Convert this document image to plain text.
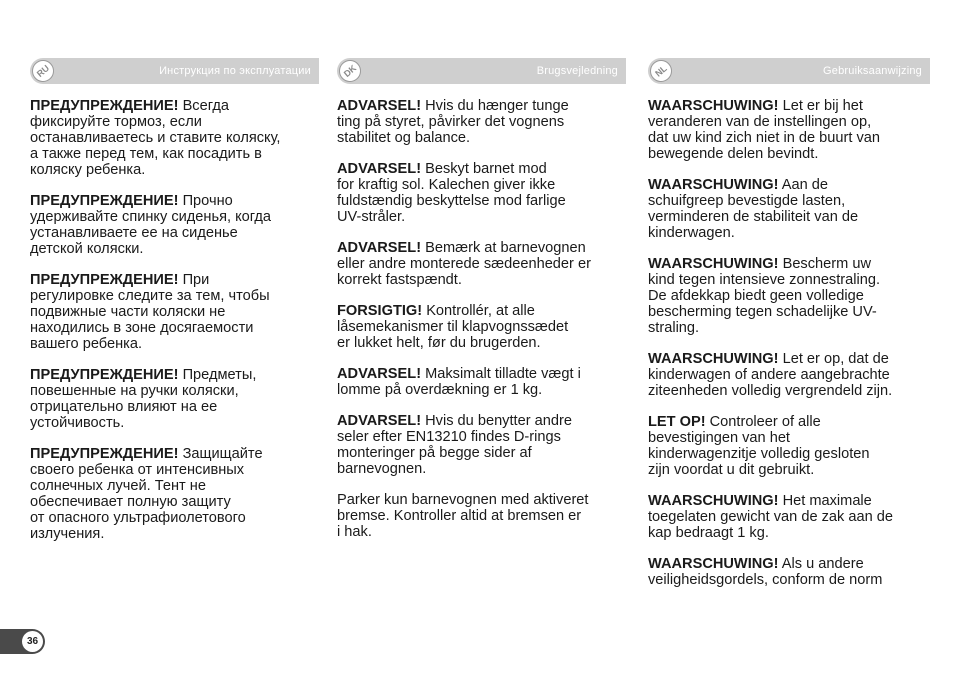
RU	Инструкция по эксплуатации

ПРЕДУПРЕЖДЕНИЕ! Всегда
фиксируйте тормоз, если
останавливаетесь и ставите коляску,
а также перед тем, как посадить в
коляску ребенка.

ПРЕДУПРЕЖДЕНИЕ! Прочно
удерживайте спинку сиденья, когда
устанавливаете ее на сиденье
детской коляски.

ПРЕДУПРЕЖДЕНИЕ! При
регулировке следите за тем, чтобы
подвижные части коляски не
находились в зоне досягаемости
вашего ребенка.

ПРЕДУПРЕЖДЕНИЕ! Предметы,
повешенные на ручки коляски,
отрицательно влияют на ее
устойчивость.

ПРЕДУПРЕЖДЕНИЕ! Защищайте
своего ребенка от интенсивных
солнечных лучей. Тент не
обеспечивает полную защиту
от опасного ультрафиолетового
излучения.

DK	Brugsvejledning

ADVARSEL! Hvis du hænger tunge
ting på styret, påvirker det vognens
stabilitet og balance.

ADVARSEL! Beskyt barnet mod
for kraftig sol. Kalechen giver ikke
fuldstændig beskyttelse mod farlige
UV-stråler.

ADVARSEL! Bemærk at barnevognen
eller andre monterede sædeenheder er
korrekt fastspændt.

FORSIGTIG! Kontrollér, at alle
låsemekanismer til klapvognssædet
er lukket helt, før du brugerden.

ADVARSEL! Maksimalt tilladte vægt i
lomme på overdækning er 1 kg.

ADVARSEL! Hvis du benytter andre
seler efter EN13210 findes D-rings
monteringer på begge sider af
barnevognen.

Parker kun barnevognen med aktiveret
bremse. Kontroller altid at bremsen er
i hak.

NL	Gebruiksaanwijzing

WAARSCHUWING! Let er bij het
veranderen van de instellingen op,
dat uw kind zich niet in de buurt van
bewegende delen bevindt.

WAARSCHUWING! Aan de
schuifgreep bevestigde lasten,
verminderen de stabiliteit van de
kinderwagen.

WAARSCHUWING! Bescherm uw
kind tegen intensieve zonnestraling.
De afdekkap biedt geen volledige
bescherming tegen schadelijke UV-
straling.

WAARSCHUWING! Let er op, dat de
kinderwagen of andere aangebrachte
ziteenheden volledig vergrendeld zijn.

LET OP! Controleer of alle
bevestigingen van het
kinderwagenzitje volledig gesloten
zijn voordat u dit gebruikt.

WAARSCHUWING! Het maximale
toegelaten gewicht van de zak aan de
kap bedraagt 1 kg.

WAARSCHUWING! Als u andere
veiligheidsgordels, conform de norm

36
